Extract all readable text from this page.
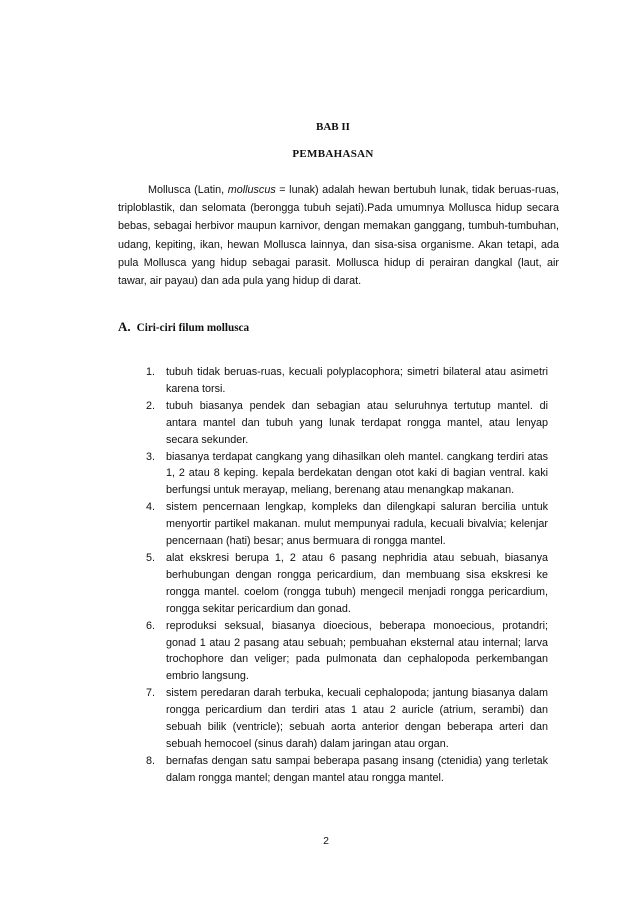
BAB II
PEMBAHASAN

Mollusca (Latin, molluscus = lunak) adalah hewan bertubuh lunak, tidak beruas-ruas, triploblastik, dan selomata (berongga tubuh sejati).Pada umumnya Mollusca hidup secara bebas, sebagai herbivor maupun karnivor, dengan memakan ganggang, tumbuh-tumbuhan, udang, kepiting, ikan, hewan Mollusca lainnya, dan sisa-sisa organisme. Akan tetapi, ada pula Mollusca yang hidup sebagai parasit. Mollusca hidup di perairan dangkal (laut, air tawar, air payau) dan ada pula yang hidup di darat.

A. Ciri-ciri filum mollusca
1. tubuh tidak beruas-ruas, kecuali polyplacophora; simetri bilateral atau asimetri karena torsi.
2. tubuh biasanya pendek dan sebagian atau seluruhnya tertutup mantel. di antara mantel dan tubuh yang lunak terdapat rongga mantel, atau lenyap secara sekunder.
3. biasanya terdapat cangkang yang dihasilkan oleh mantel. cangkang terdiri atas 1, 2 atau 8 keping. kepala berdekatan dengan otot kaki di bagian ventral. kaki berfungsi untuk merayap, meliang, berenang atau menangkap makanan.
4. sistem pencernaan lengkap, kompleks dan dilengkapi saluran bercilia untuk menyortir partikel makanan. mulut mempunyai radula, kecuali bivalvia; kelenjar pencernaan (hati) besar; anus bermuara di rongga mantel.
5. alat ekskresi berupa 1, 2 atau 6 pasang nephridia atau sebuah, biasanya berhubungan dengan rongga pericardium, dan membuang sisa ekskresi ke rongga mantel. coelom (rongga tubuh) mengecil menjadi rongga pericardium, rongga sekitar pericardium dan gonad.
6. reproduksi seksual, biasanya dioecious, beberapa monoecious, protandri; gonad 1 atau 2 pasang atau sebuah; pembuahan eksternal atau internal; larva trochophore dan veliger; pada pulmonata dan cephalopoda perkembangan embrio langsung.
7. sistem peredaran darah terbuka, kecuali cephalopoda; jantung biasanya dalam rongga pericardium dan terdiri atas 1 atau 2 auricle (atrium, serambi) dan sebuah bilik (ventricle); sebuah aorta anterior dengan beberapa arteri dan sebuah hemocoel (sinus darah) dalam jaringan atau organ.
8. bernafas dengan satu sampai beberapa pasang insang (ctenidia) yang terletak dalam rongga mantel; dengan mantel atau rongga mantel.
2
